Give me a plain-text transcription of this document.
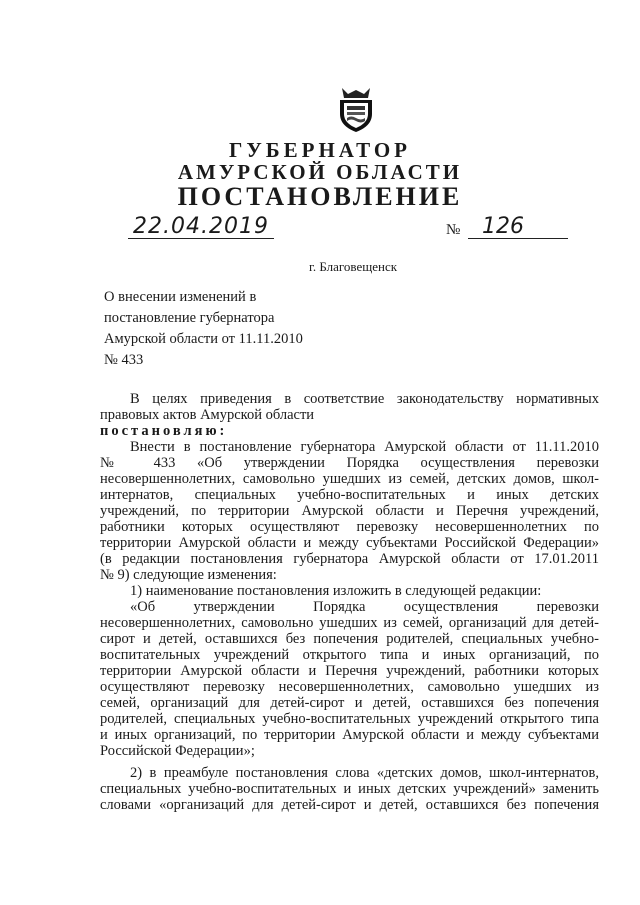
ГУБЕРНАТОР
АМУРСКОЙ ОБЛАСТИ
ПОСТАНОВЛЕНИЕ
22.04.2019	№ 126
г. Благовещенск
О внесении изменений в
постановление губернатора
Амурской области от 11.11.2010
№ 433
В целях приведения в соответствие законодательству нормативных
правовых актов Амурской области
постановляю:
Внести в постановление губернатора Амурской области от 11.11.2010
№ 433 «Об утверждении Порядка осуществления перевозки
несовершеннолетних, самовольно ушедших из семей, детских домов, школ-
интернатов, специальных учебно-воспитательных и иных детских
учреждений, по территории Амурской области и Перечня учреждений,
работники которых осуществляют перевозку несовершеннолетних по
территории Амурской области и между субъектами Российской Федерации»
(в редакции постановления губернатора Амурской области от 17.01.2011
№ 9) следующие изменения:
1) наименование постановления изложить в следующей редакции:
«Об утверждении Порядка осуществления перевозки
несовершеннолетних, самовольно ушедших из семей, организаций для детей-
сирот и детей, оставшихся без попечения родителей, специальных учебно-
воспитательных учреждений открытого типа и иных организаций, по
территории Амурской области и Перечня учреждений, работники которых
осуществляют перевозку несовершеннолетних, самовольно ушедших из
семей, организаций для детей-сирот и детей, оставшихся без попечения
родителей, специальных учебно-воспитательных учреждений открытого типа
и иных организаций, по территории Амурской области и между субъектами
Российской Федерации»;
2) в преамбуле постановления слова «детских домов, школ-интернатов,
специальных учебно-воспитательных и иных детских учреждений» заменить
словами «организаций для детей-сирот и детей, оставшихся без попечения
